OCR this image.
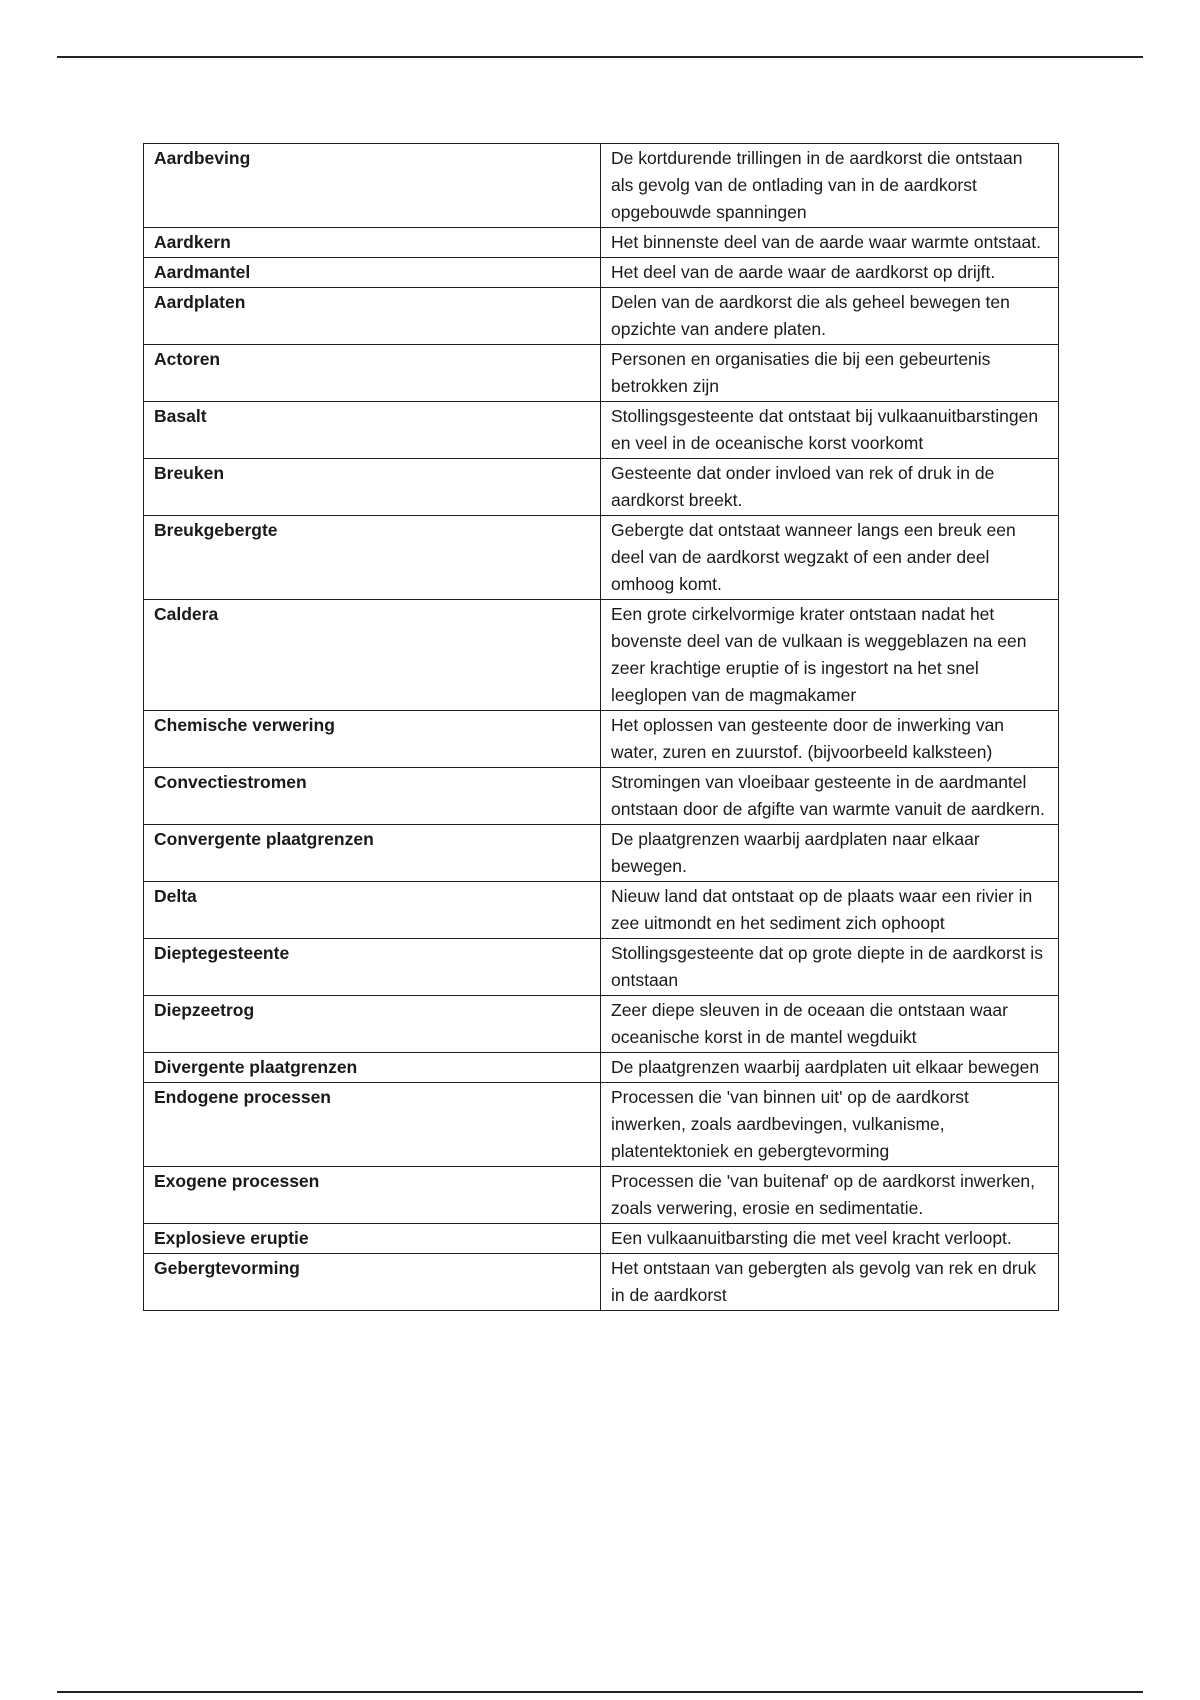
Aardbeving	De kortdurende trillingen in de aardkorst die ontstaan als gevolg van de ontlading van in de aardkorst opgebouwde spanningen
Aardkern	Het binnenste deel van de aarde waar warmte ontstaat.
Aardmantel	Het deel van de aarde waar de aardkorst op drijft.
Aardplaten	Delen van de aardkorst die als geheel bewegen ten opzichte van andere platen.
Actoren	Personen en organisaties die bij een gebeurtenis betrokken zijn
Basalt	Stollingsgesteente dat ontstaat bij vulkaanuitbarstingen en veel in de oceanische korst voorkomt
Breuken	Gesteente dat onder invloed van rek of druk in de aardkorst breekt.
Breukgebergte	Gebergte dat ontstaat wanneer langs een breuk een deel van de aardkorst wegzakt of een ander deel omhoog komt.
Caldera	Een grote cirkelvormige krater ontstaan nadat het bovenste deel van de vulkaan is weggeblazen na een zeer krachtige eruptie of is ingestort na het snel leeglopen van de magmakamer
Chemische verwering	Het oplossen van gesteente door de inwerking van water, zuren en zuurstof. (bijvoorbeeld kalksteen)
Convectiestromen	Stromingen van vloeibaar gesteente in de aardmantel ontstaan door de afgifte van warmte vanuit de aardkern.
Convergente plaatgrenzen	De plaatgrenzen waarbij aardplaten naar elkaar bewegen.
Delta	Nieuw land dat ontstaat op de plaats waar een rivier in zee uitmondt en het sediment zich ophoopt
Dieptegesteente	Stollingsgesteente dat op grote diepte in de aardkorst is ontstaan
Diepzeetrog	Zeer diepe sleuven in de oceaan die ontstaan waar oceanische korst in de mantel wegduikt
Divergente plaatgrenzen	De plaatgrenzen waarbij aardplaten uit elkaar bewegen
Endogene processen	Processen die 'van binnen uit' op de aardkorst inwerken, zoals aardbevingen, vulkanisme, platentektoniek en gebergtevorming
Exogene processen	Processen die 'van buitenaf' op de aardkorst inwerken, zoals verwering, erosie en sedimentatie.
Explosieve eruptie	Een vulkaanuitbarsting die met veel kracht verloopt.
Gebergtevorming	Het ontstaan van gebergten als gevolg van rek en druk in de aardkorst
